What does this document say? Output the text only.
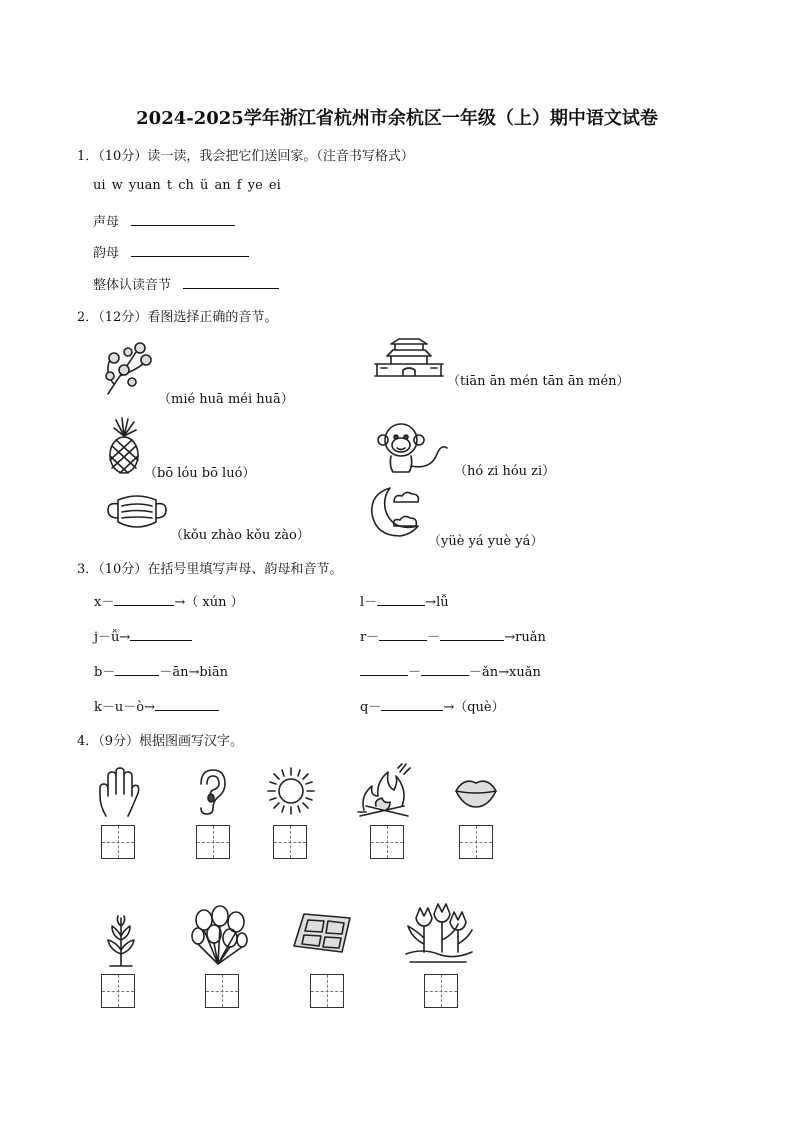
2024-2025学年浙江省杭州市余杭区一年级（上）期中语文试卷
1．（10分）读一读，我会把它们送回家。（注音书写格式）
ui w yuan t ch ü an f ye ei
声母
韵母
整体认读音节
2．（12分）看图选择正确的音节。
（mié huā méi huā）
（tiān ān mén tān ān mén）
（bō lóu bō luó）	（hó zi hóu zi）
（kǒu zhào kǒu zào）	（yüè yá yuè yá）
3．（10分）在括号里填写声母、韵母和音节。
x－	→（ xún ）	l－	→lǚ
j－ǚ→	r－	－	→ruǎn
b－	－ān→biān	－	－ǎn→xuǎn
k－u－ò→	q－	→（què）
4．（9分）根据图画写汉字。
